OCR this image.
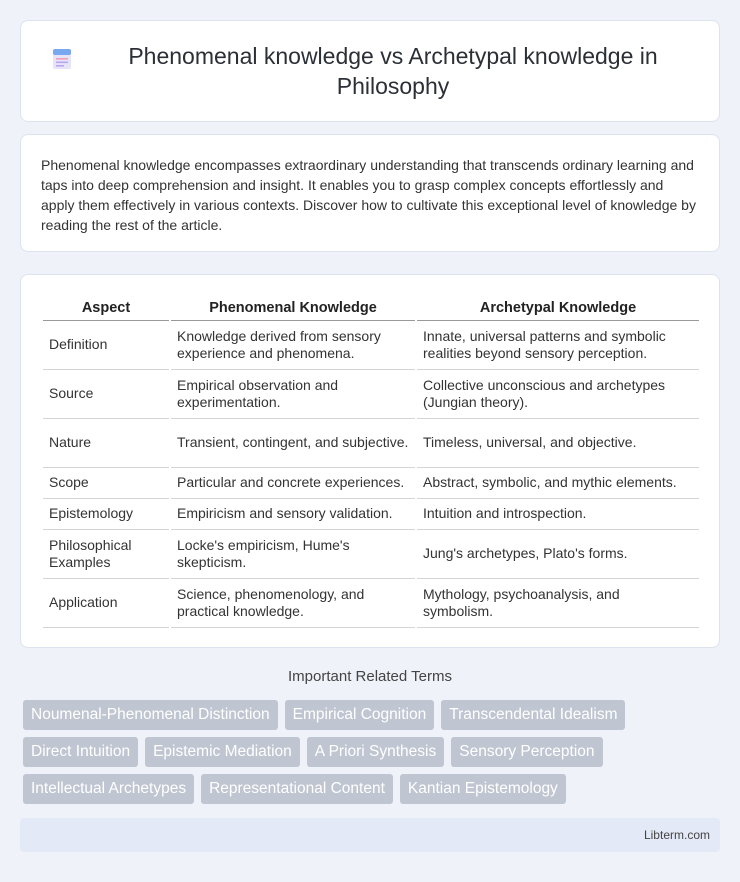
Phenomenal knowledge vs Archetypal knowledge in Philosophy

Phenomenal knowledge encompasses extraordinary understanding that transcends ordinary learning and taps into deep comprehension and insight. It enables you to grasp complex concepts effortlessly and apply them effectively in various contexts. Discover how to cultivate this exceptional level of knowledge by reading the rest of the article.

Aspect		Phenomenal Knowledge		Archetypal Knowledge
Definition		Knowledge derived from sensory experience and phenomena.		Innate, universal patterns and symbolic realities beyond sensory perception.
Source		Empirical observation and experimentation.		Collective unconscious and archetypes (Jungian theory).
Nature		Transient, contingent, and subjective.		Timeless, universal, and objective.
Scope		Particular and concrete experiences.		Abstract, symbolic, and mythic elements.
Epistemology		Empiricism and sensory validation.		Intuition and introspection.
Philosophical Examples		Locke's empiricism, Hume's skepticism.		Jung's archetypes, Plato's forms.
Application		Science, phenomenology, and practical knowledge.		Mythology, psychoanalysis, and symbolism.
Important Related Terms
Noumenal-Phenomenal Distinction	Empirical Cognition	Transcendental Idealism
Direct Intuition	Epistemic Mediation	A Priori Synthesis	Sensory Perception
Intellectual Archetypes	Representational Content	Kantian Epistemology
Libterm.com
